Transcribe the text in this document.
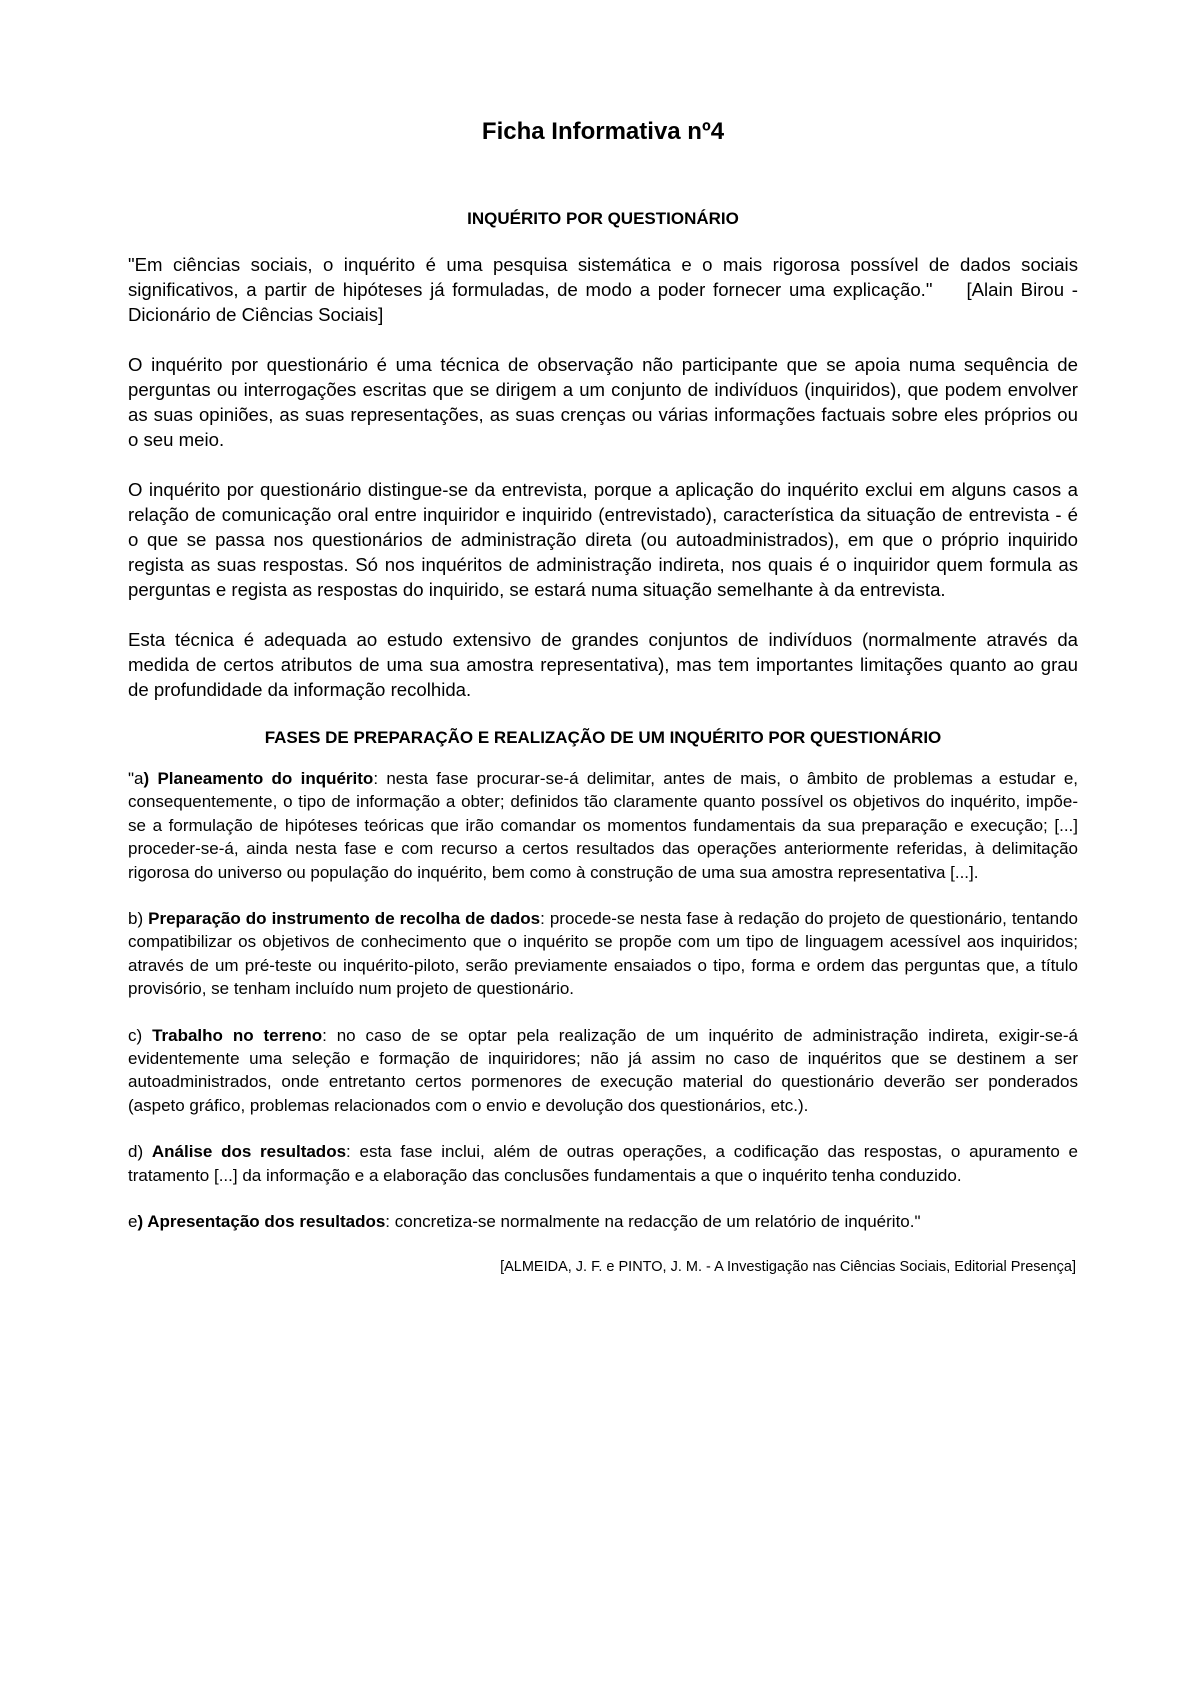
Ficha Informativa nº4
INQUÉRITO POR QUESTIONÁRIO

"Em ciências sociais, o inquérito é uma pesquisa sistemática e o mais rigorosa possível de dados sociais significativos, a partir de hipóteses já formuladas, de modo a poder fornecer uma explicação." [Alain Birou - Dicionário de Ciências Sociais]

O inquérito por questionário é uma técnica de observação não participante que se apoia numa sequência de perguntas ou interrogações escritas que se dirigem a um conjunto de indivíduos (inquiridos), que podem envolver as suas opiniões, as suas representações, as suas crenças ou várias informações factuais sobre eles próprios ou o seu meio.

O inquérito por questionário distingue-se da entrevista, porque a aplicação do inquérito exclui em alguns casos a relação de comunicação oral entre inquiridor e inquirido (entrevistado), característica da situação de entrevista - é o que se passa nos questionários de administração direta (ou autoadministrados), em que o próprio inquirido regista as suas respostas. Só nos inquéritos de administração indireta, nos quais é o inquiridor quem formula as perguntas e regista as respostas do inquirido, se estará numa situação semelhante à da entrevista.

Esta técnica é adequada ao estudo extensivo de grandes conjuntos de indivíduos (normalmente através da medida de certos atributos de uma sua amostra representativa), mas tem importantes limitações quanto ao grau de profundidade da informação recolhida.

FASES DE PREPARAÇÃO E REALIZAÇÃO DE UM INQUÉRITO POR QUESTIONÁRIO

"a) Planeamento do inquérito: nesta fase procurar-se-á delimitar, antes de mais, o âmbito de problemas a estudar e, consequentemente, o tipo de informação a obter; definidos tão claramente quanto possível os objetivos do inquérito, impõe-se a formulação de hipóteses teóricas que irão comandar os momentos fundamentais da sua preparação e execução; [...] proceder-se-á, ainda nesta fase e com recurso a certos resultados das operações anteriormente referidas, à delimitação rigorosa do universo ou população do inquérito, bem como à construção de uma sua amostra representativa [...].

b) Preparação do instrumento de recolha de dados: procede-se nesta fase à redação do projeto de questionário, tentando compatibilizar os objetivos de conhecimento que o inquérito se propõe com um tipo de linguagem acessível aos inquiridos; através de um pré-teste ou inquérito-piloto, serão previamente ensaiados o tipo, forma e ordem das perguntas que, a título provisório, se tenham incluído num projeto de questionário.

c) Trabalho no terreno: no caso de se optar pela realização de um inquérito de administração indireta, exigir-se-á evidentemente uma seleção e formação de inquiridores; não já assim no caso de inquéritos que se destinem a ser autoadministrados, onde entretanto certos pormenores de execução material do questionário deverão ser ponderados (aspeto gráfico, problemas relacionados com o envio e devolução dos questionários, etc.).

d) Análise dos resultados: esta fase inclui, além de outras operações, a codificação das respostas, o apuramento e tratamento [...] da informação e a elaboração das conclusões fundamentais a que o inquérito tenha conduzido.

e) Apresentação dos resultados: concretiza-se normalmente na redacção de um relatório de inquérito."

[ALMEIDA, J. F. e PINTO, J. M. - A Investigação nas Ciências Sociais, Editorial Presença]
